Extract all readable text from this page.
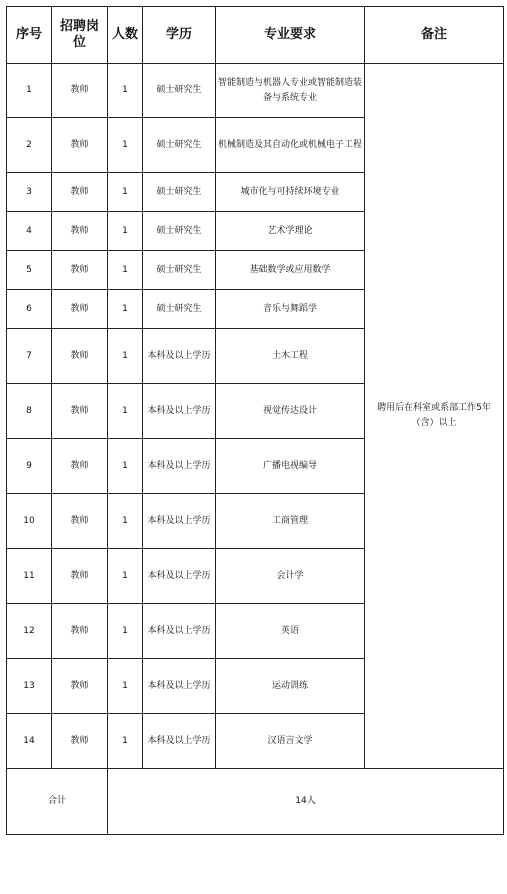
序号	招聘岗位	人数	学历	专业要求	备注
1	教师	1	硕士研究生	智能制造与机器人专业或智能制造装备与系统专业	聘用后在科室或系部工作5年（含）以上
2	教师	1	硕士研究生	机械制造及其自动化或机械电子工程	
3	教师	1	硕士研究生	城市化与可持续环境专业	
4	教师	1	硕士研究生	艺术学理论	
5	教师	1	硕士研究生	基础数学或应用数学	
6	教师	1	硕士研究生	音乐与舞蹈学	
7	教师	1	本科及以上学历	土木工程	
8	教师	1	本科及以上学历	视觉传达设计	
9	教师	1	本科及以上学历	广播电视编导	
10	教师	1	本科及以上学历	工商管理	
11	教师	1	本科及以上学历	会计学	
12	教师	1	本科及以上学历	英语	
13	教师	1	本科及以上学历	运动训练	
14	教师	1	本科及以上学历	汉语言文学	
合计		14人			
